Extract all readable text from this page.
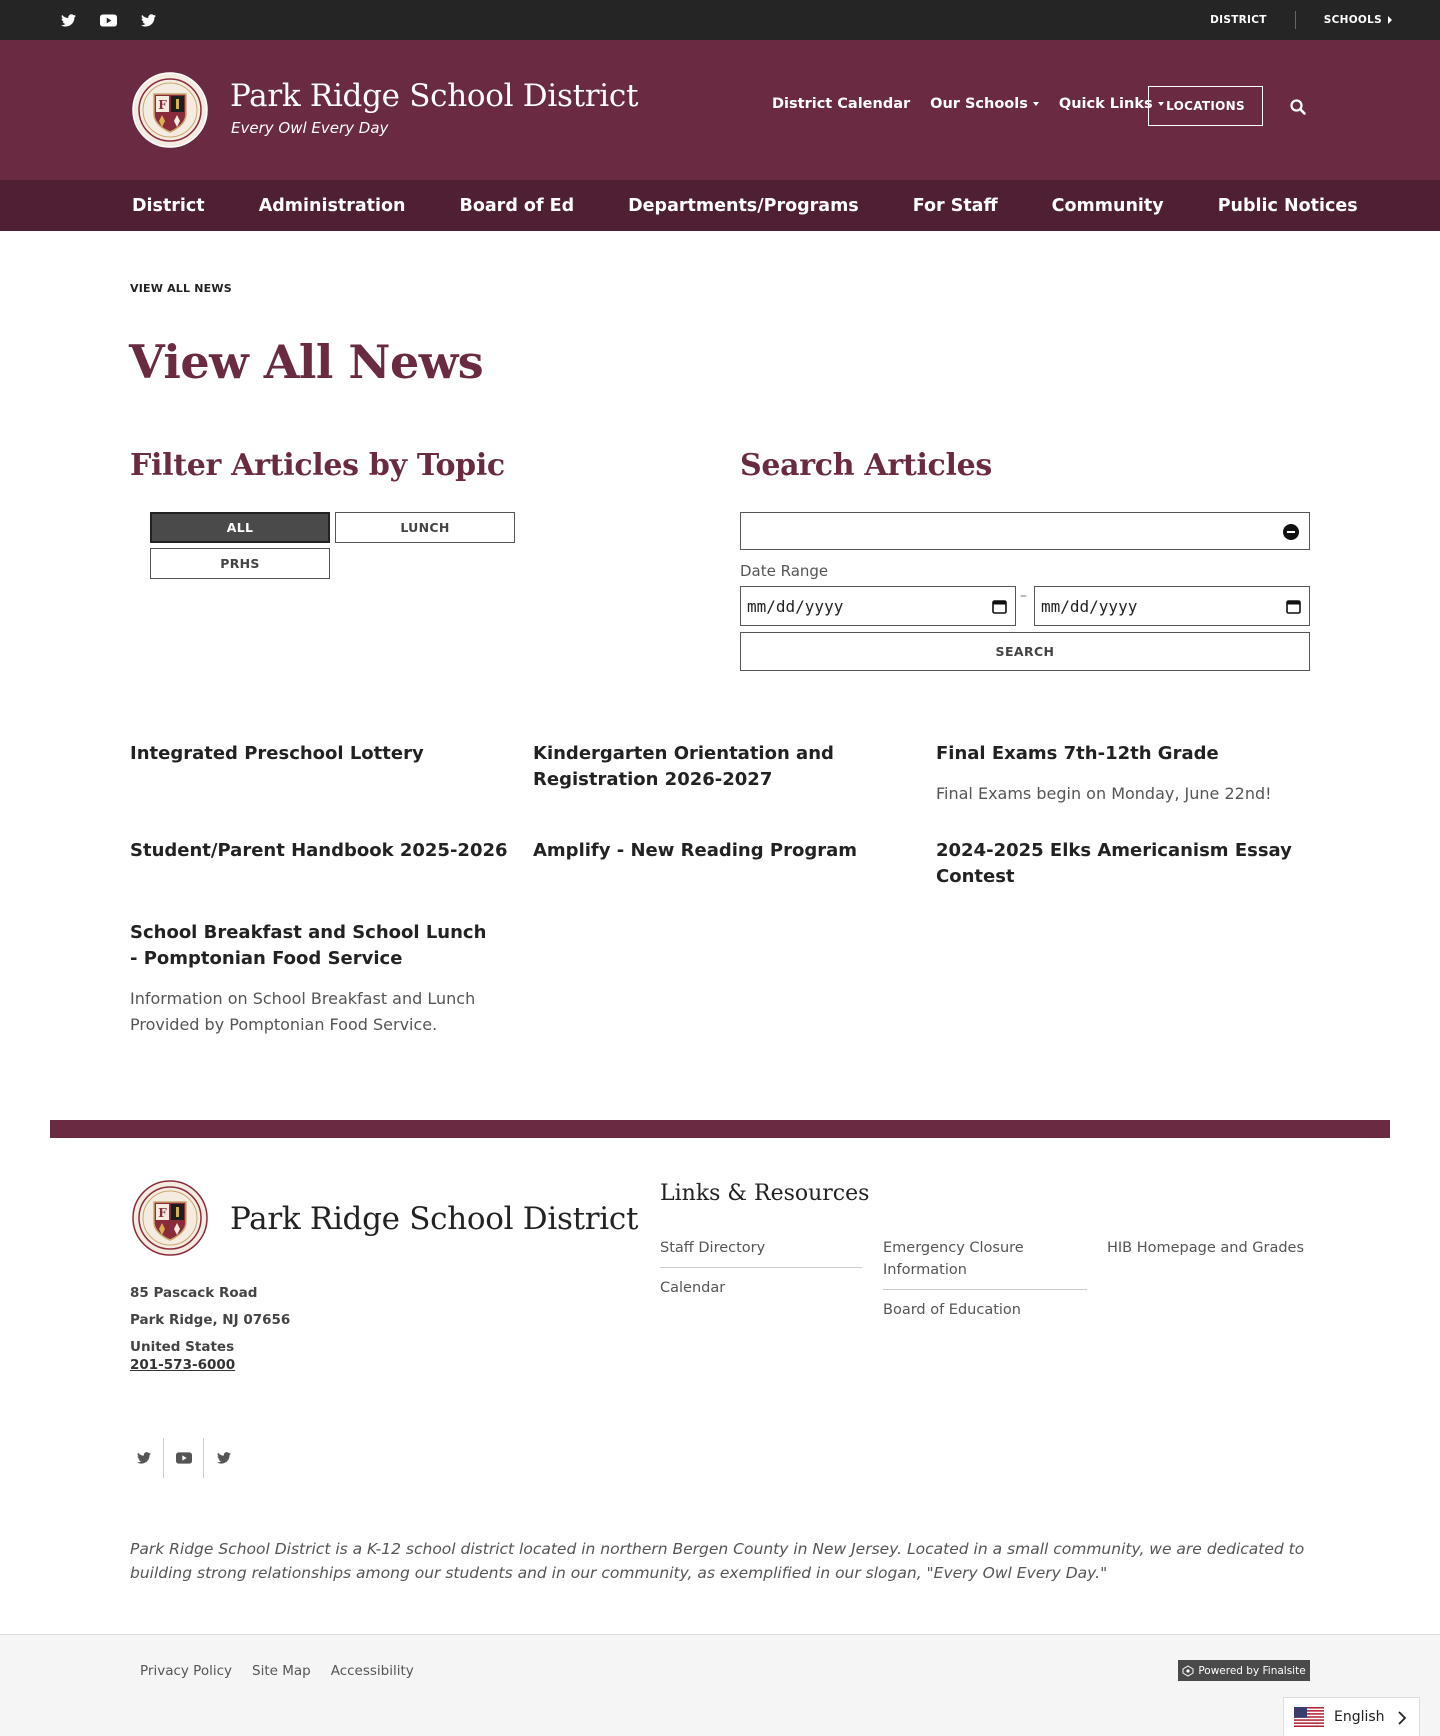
DISTRICT	SCHOOLS
F Park Ridge School District
Every Owl Every Day
District Calendar Our Schools Quick Links	LOCATIONS
District	Administration	Board of Ed	Departments/Programs	For Staff	Community	Public Notices
VIEW ALL NEWS
View All News
Filter Articles by Topic
ALL	LUNCH
PRHS
Search Articles
Date Range
mm/dd/yyyy
–
mm/dd/yyyy
SEARCH
Integrated Preschool Lottery	Kindergarten Orientation and Registration 2026-2027
Final Exams 7th-12th Grade
Final Exams begin on Monday, June 22nd!
Student/Parent Handbook 2025-2026 Amplify - New Reading Program	2024-2025 Elks Americanism Essay Contest
School Breakfast and School Lunch - Pomptonian Food Service
Information on School Breakfast and Lunch Provided by Pomptonian Food Service.
F Park Ridge School District
85 Pascack Road
Park Ridge, NJ 07656
United States
201-573-6000
Links & Resources
Staff Directory
Calendar
Emergency Closure Information
Board of Education
HIB Homepage and Grades
Park Ridge School District is a K-12 school district located in northern Bergen County in New Jersey. Located in a small community, we are dedicated to building strong relationships among our students and in our community, as exemplified in our slogan, "Every Owl Every Day."
Privacy Policy Site Map Accessibility	Powered by Finalsite
English
